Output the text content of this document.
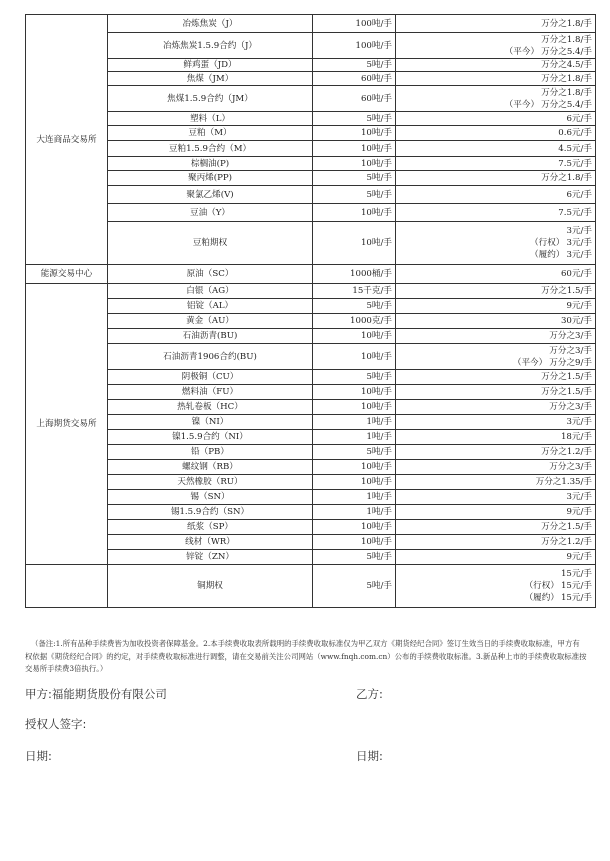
大连商品交易所	冶炼焦炭（J）	100吨/手	万分之1.8/手

	冶炼焦炭1.5.9合约（J）	100吨/手	万分之1.8/手
（平今） 万分之5.4/手

	鲜鸡蛋（JD）	5吨/手	万分之4.5/手

	焦煤（JM）	60吨/手	万分之1.8/手

	焦煤1.5.9合约（JM）	60吨/手	万分之1.8/手
（平今） 万分之5.4/手

	塑料（L）	5吨/手	6元/手

	豆粕（M）	10吨/手	0.6元/手

	豆粕1.5.9合约（M）	10吨/手	4.5元/手

	棕榈油(P)	10吨/手	7.5元/手

	聚丙烯(PP)	5吨/手	万分之1.8/手

	聚氯乙烯(V)	5吨/手	6元/手

	豆油（Y）	10吨/手	7.5元/手

	豆粕期权	10吨/手	3元/手
（行权） 3元/手
（履约） 3元/手

能源交易中心	原油（SC）	1000桶/手	60元/手

上海期货交易所	白银（AG）	15千克/手	万分之1.5/手

	铝锭（AL）	5吨/手	9元/手

	黄金（AU）	1000克/手	30元/手

	石油沥青(BU)	10吨/手	万分之3/手

	石油沥青1906合约(BU)	10吨/手	万分之3/手
（平今） 万分之9/手

	阴极铜（CU）	5吨/手	万分之1.5/手

	燃料油（FU）	10吨/手	万分之1.5/手

	热轧卷板（HC）	10吨/手	万分之3/手

	镍（NI）	1吨/手	3元/手

	镍1.5.9合约（NI）	1吨/手	18元/手

	铅（PB）	5吨/手	万分之1.2/手

	螺纹钢（RB）	10吨/手	万分之3/手

	天然橡胶（RU）	10吨/手	万分之1.35/手

	锡（SN）	1吨/手	3元/手

	锡1.5.9合约（SN）	1吨/手	9元/手

	纸浆（SP）	10吨/手	万分之1.5/手

	线材（WR）	10吨/手	万分之1.2/手

	锌锭（ZN）	5吨/手	9元/手

	铜期权	5吨/手	15元/手
（行权） 15元/手
（履约） 15元/手
（备注:1.所有品种手续费皆为加收投资者保障基金。2.本手续费收取表所载明的手续费收取标准仅为甲乙双方《期货经纪合同》签订生效当日的手续费收取标准，甲方有权依据《期货经纪合同》的约定，对手续费收取标准进行调整，请在交易前关注公司网站（www.fnqh.com.cn）公布的手续费收取标准。3.新品种上市的手续费收取标准按交易所手续费3倍执行。）
甲方:福能期货股份有限公司	乙方:
授权人签字:
日期:	日期:
